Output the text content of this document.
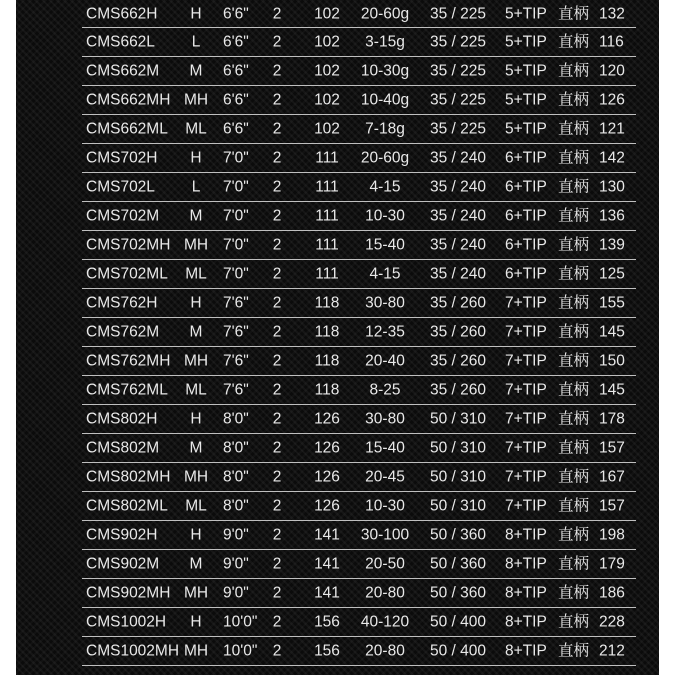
CMS662H	H	6'6" 2 102	20-60g	35 / 225 5+TIP 直柄 132
CMS662L	L	6'6" 2 102	3-15g	35 / 225 5+TIP 直柄 116
CMS662M	M	6'6" 2 102	10-30g	35 / 225 5+TIP 直柄 120
CMS662MH MH 6'6" 2 102	10-40g	35 / 225 5+TIP 直柄 126
CMS662ML ML 6'6" 2 102	7-18g	35 / 225 5+TIP 直柄 121
CMS702H	H	7'0" 2 111	20-60g	35 / 240 6+TIP 直柄 142
CMS702L	L	7'0" 2 111	4-15	35 / 240 6+TIP 直柄 130
CMS702M	M	7'0" 2 111	10-30	35 / 240 6+TIP 直柄 136
CMS702MH MH 7'0" 2 111	15-40	35 / 240 6+TIP 直柄 139
CMS702ML ML 7'0" 2 111	4-15	35 / 240 6+TIP 直柄 125
CMS762H	H	7'6" 2 118	30-80	35 / 260 7+TIP 直柄 155
CMS762M	M	7'6" 2 118	12-35	35 / 260 7+TIP 直柄 145
CMS762MH MH 7'6" 2 118	20-40	35 / 260 7+TIP 直柄 150
CMS762ML ML 7'6" 2 118	8-25	35 / 260 7+TIP 直柄 145
CMS802H	H	8'0" 2 126	30-80	50 / 310 7+TIP 直柄 178
CMS802M	M	8'0" 2 126	15-40	50 / 310 7+TIP 直柄 157
CMS802MH MH 8'0" 2 126	20-45	50 / 310 7+TIP 直柄 167
CMS802ML ML 8'0" 2 126	10-30	50 / 310 7+TIP 直柄 157
CMS902H	H	9'0" 2 141	30-100	50 / 360 8+TIP 直柄 198
CMS902M	M	9'0" 2 141	20-50	50 / 360 8+TIP 直柄 179
CMS902MH MH 9'0" 2 141	20-80	50 / 360 8+TIP 直柄 186
CMS1002H	H	10'0" 2 156	40-120	50 / 400 8+TIP 直柄 228
CMS1002MH MH 10'0" 2 156	20-80	50 / 400 8+TIP 直柄 212
